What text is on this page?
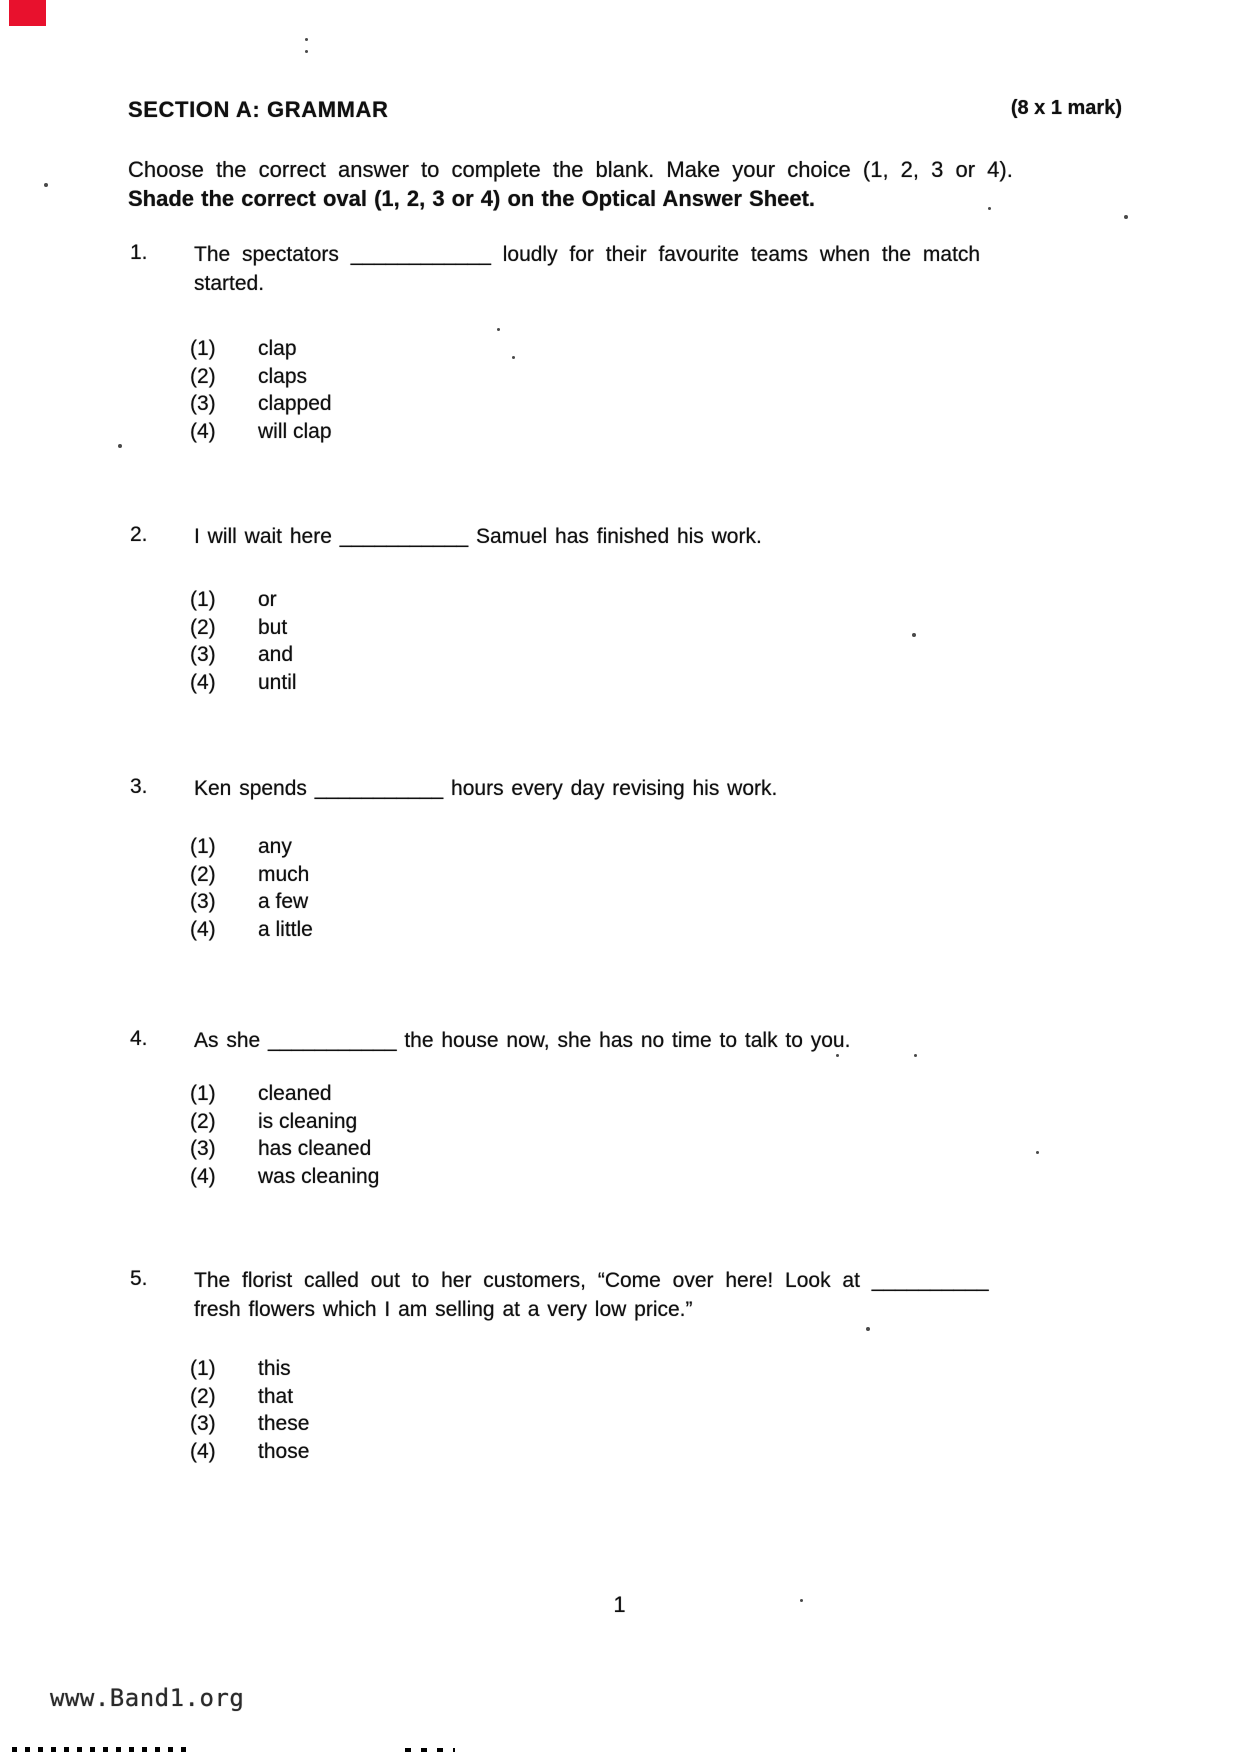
SECTION A: GRAMMAR	(8 x 1 mark)
Choose the correct answer to complete the blank. Make your choice (1, 2, 3 or 4).
Shade the correct oval (1, 2, 3 or 4) on the Optical Answer Sheet.
1. The spectators ____________ loudly for their favourite teams when the match
started.
(1)	clap
(2)	claps
(3)	clapped
(4)	will clap
2. I will wait here ___________ Samuel has finished his work.
(1)	or
(2)	but
(3)	and
(4)	until
3. Ken spends ___________ hours every day revising his work.
(1)	any
(2)	much
(3)	a few
(4)	a little
4. As she ___________ the house now, she has no time to talk to you.
(1)	cleaned
(2)	is cleaning
(3)	has cleaned
(4)	was cleaning
5. The florist called out to her customers, “Come over here! Look at __________
fresh flowers which I am selling at a very low price.”
(1)	this
(2)	that
(3)	these
(4)	those
1
www.Band1.org
